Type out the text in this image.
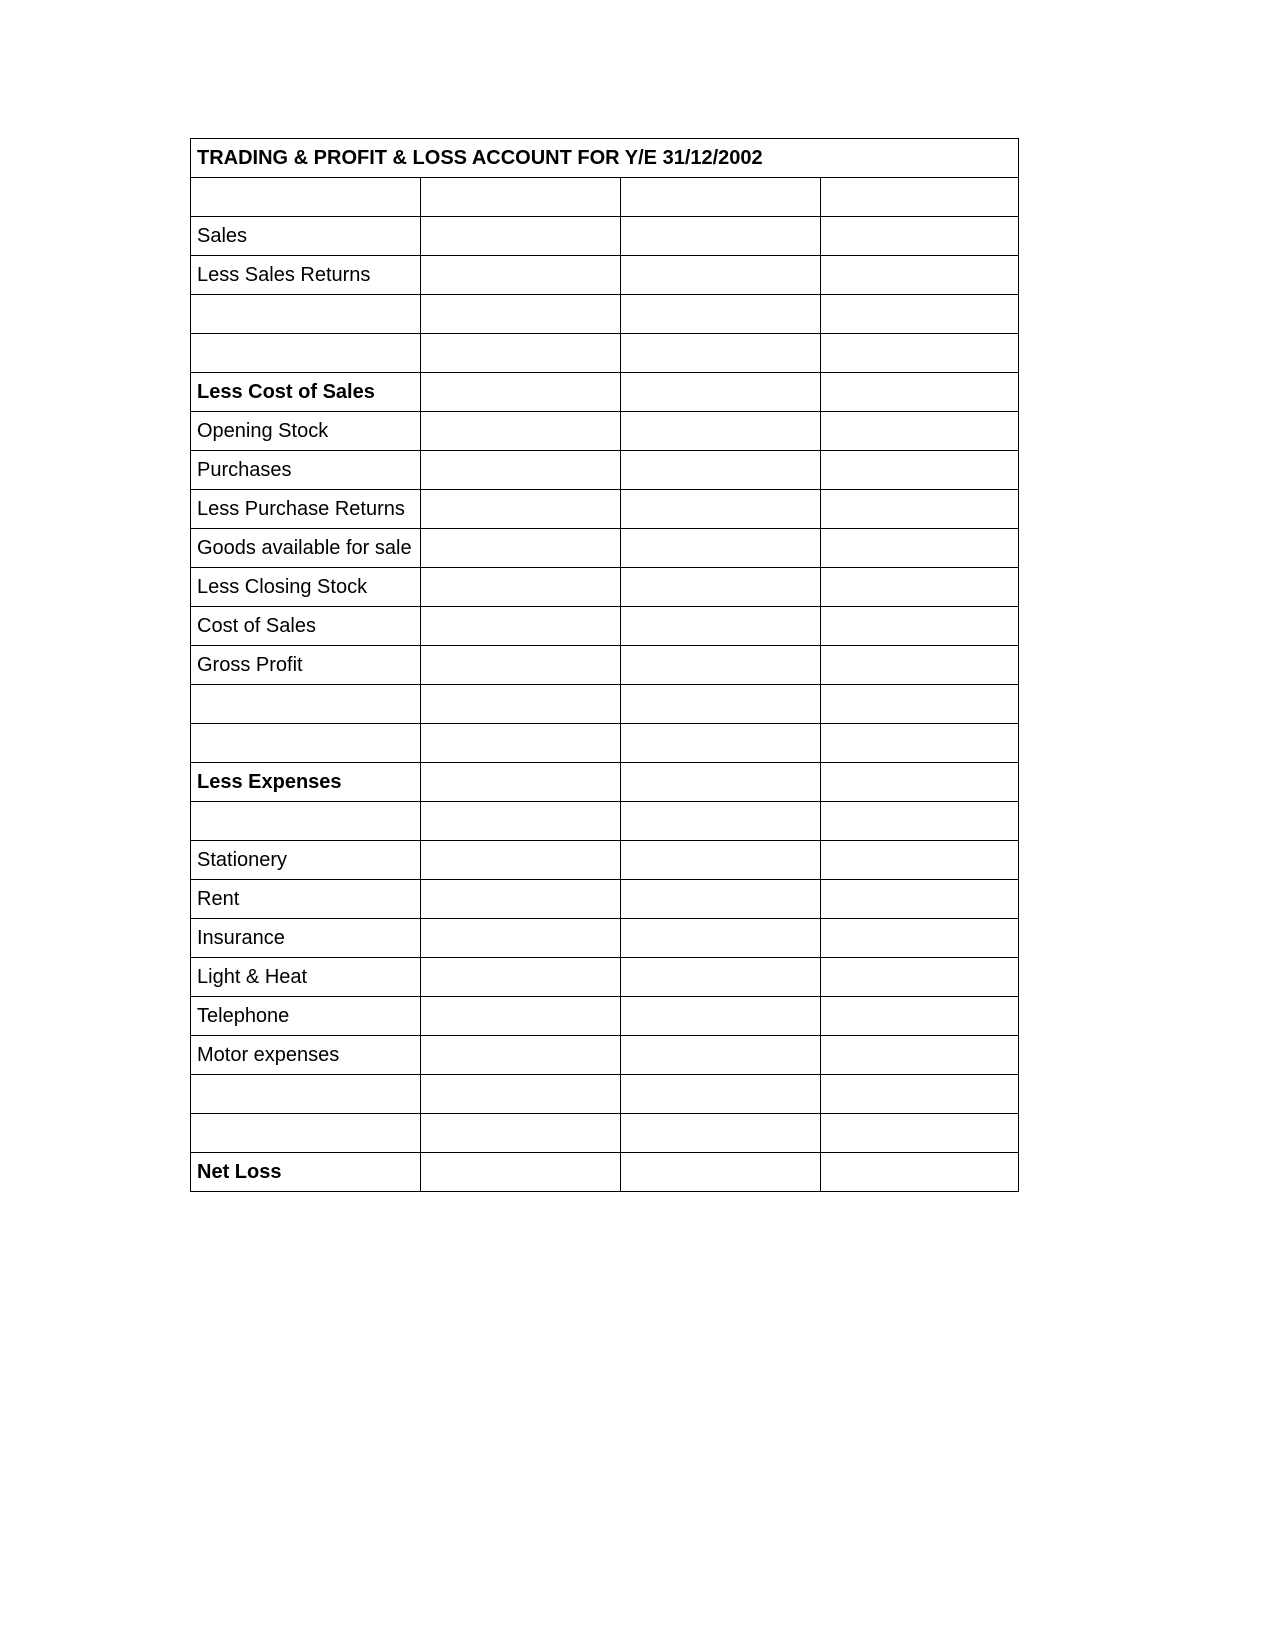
TRADING & PROFIT & LOSS ACCOUNT FOR Y/E 31/12/2002			

Sales			
Less Sales Returns			

Less Cost of Sales			
Opening Stock			
Purchases			
Less Purchase Returns			
Goods available for sale			
Less Closing Stock			
Cost of Sales			
Gross Profit			

Less Expenses			

Stationery			
Rent			
Insurance			
Light & Heat			
Telephone			
Motor expenses			

Net Loss			
